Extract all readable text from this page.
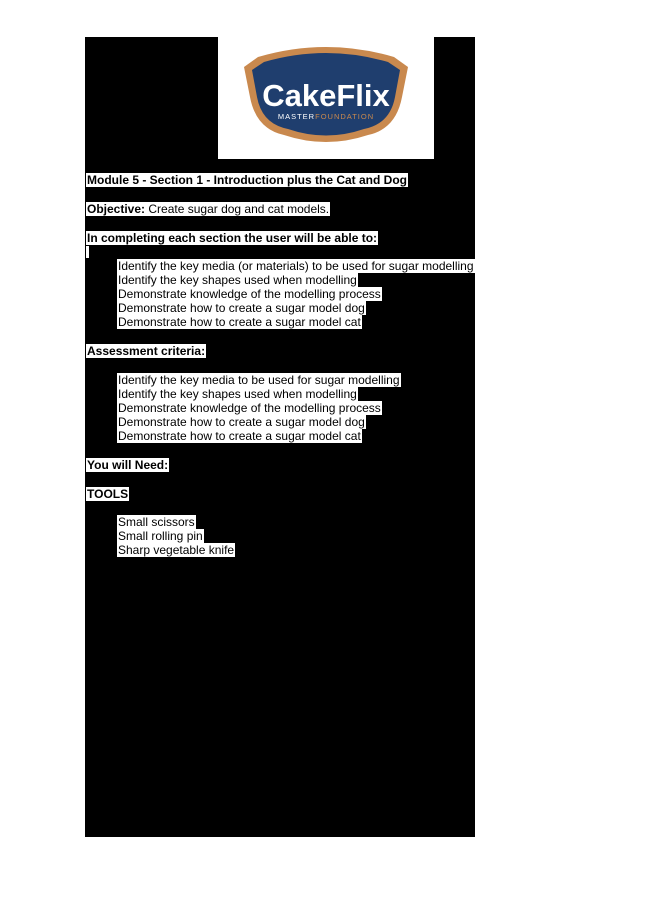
CakeFlix
MASTERFOUNDATION
Module 5 - Section 1 - Introduction plus the Cat and Dog
Objective: Create sugar dog and cat models.
In completing each section the user will be able to:
Identify the key media (or materials) to be used for sugar modelling
Identify the key shapes used when modelling
Demonstrate knowledge of the modelling process
Demonstrate how to create a sugar model dog
Demonstrate how to create a sugar model cat
Assessment criteria:
Identify the key media to be used for sugar modelling
Identify the key shapes used when modelling
Demonstrate knowledge of the modelling process
Demonstrate how to create a sugar model dog
Demonstrate how to create a sugar model cat
You will Need:
TOOLS
Small scissors
Small rolling pin
Sharp vegetable knife
